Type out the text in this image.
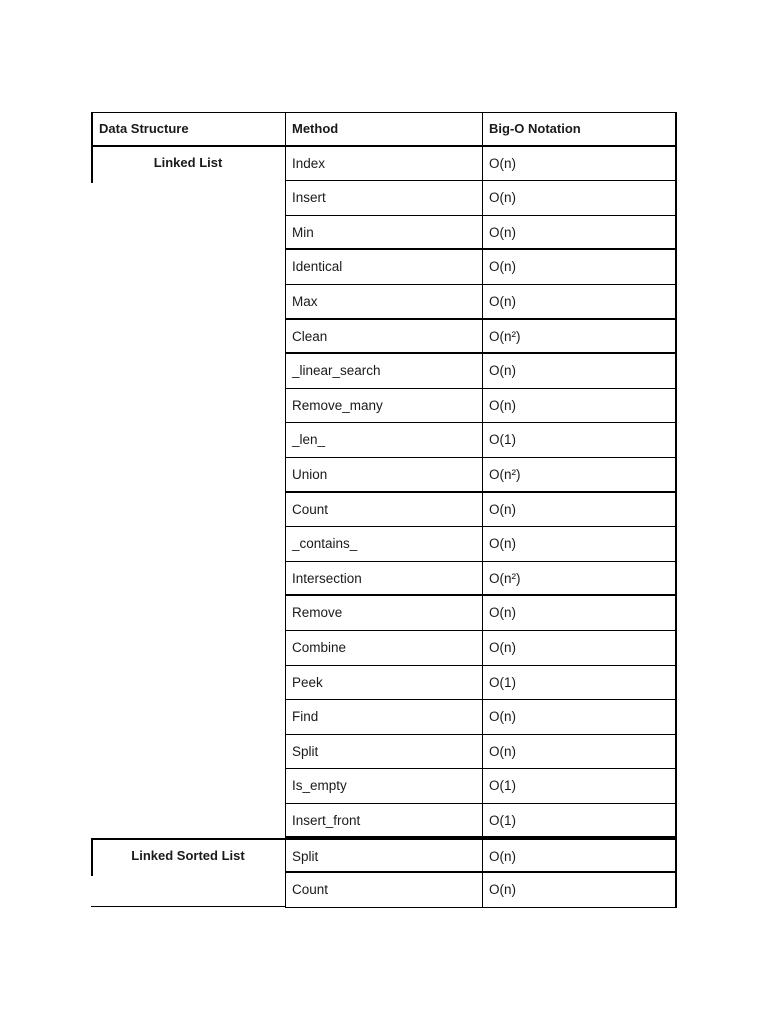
Data Structure	Method	Big-O Notation
Linked List	Index	O(n)
Insert	O(n)
Min	O(n)
Identical	O(n)
Max	O(n)
Clean	O(n²)
_linear_search	O(n)
Remove_many	O(n)
_len_	O(1)
Union	O(n²)
Count	O(n)
_contains_	O(n)
Intersection	O(n²)
Remove	O(n)
Combine	O(n)
Peek	O(1)
Find	O(n)
Split	O(n)
Is_empty	O(1)
Insert_front	O(1)
Linked Sorted List	Split	O(n)
Count	O(n)
